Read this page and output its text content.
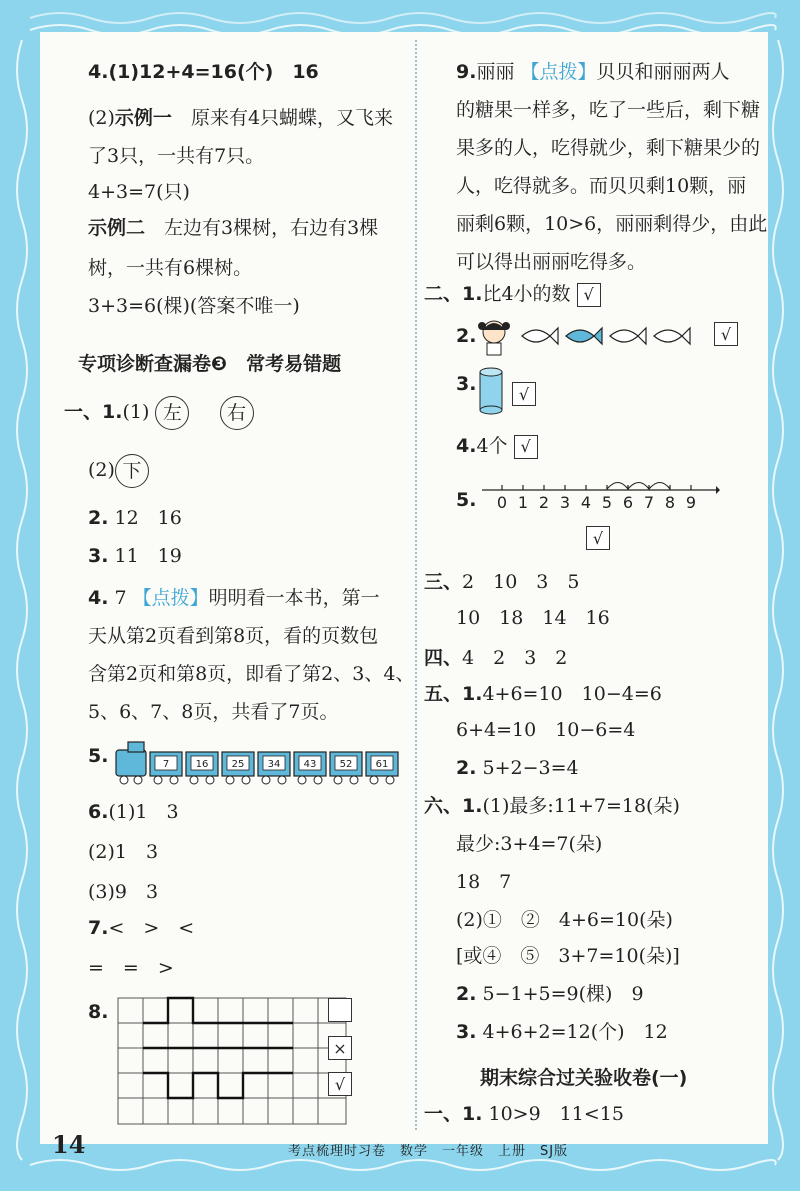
4.(1)12+4=16(个)　16
(2)示例一　原来有4只蝴蝶，又飞来
了3只，一共有7只。
4+3=7(只)
示例二　左边有3棵树，右边有3棵
树，一共有6棵树。
3+3=6(棵)(答案不唯一)
专项诊断查漏卷❸　常考易错题
一、1.(1) 左 右
(2) 下
2. 12　16
3. 11　19
4. 7 【点拨】明明看一本书，第一
天从第2页看到第8页，看的页数包
含第2页和第8页，即看了第2、3、4、
5、6、7、8页，共看了7页。
5.	7	16 25 34 43 52 61
6.(1)1　3
(2)1　3
(3)9　3
7.<　>　<
=　=　>
8.
×
√
9.丽丽 【点拨】贝贝和丽丽两人
的糖果一样多，吃了一些后，剩下糖
果多的人，吃得就少，剩下糖果少的
人，吃得就多。而贝贝剩10颗，丽
丽剩6颗，10>6，丽丽剩得少，由此
可以得出丽丽吃得多。
二、1.比4小的数 √
2.	√
3.	√
4.4个 √
5. 0 1 2 3 4 5 6 7 8 9
√
三、2　10　3　5
10　18　14　16
四、4　2　3　2
五、1.4+6=10　10−4=6
6+4=10　10−6=4
2. 5+2−3=4
六、1.(1)最多:11+7=18(朵)
最少:3+4=7(朵)
18　7
(2)①　②　4+6=10(朵)
[或④　⑤　3+7=10(朵)]
2. 5−1+5=9(棵)　9
3. 4+6+2=12(个)　12
期末综合过关验收卷(一)
一、1. 10>9　11<15
14	考点梳理时习卷　数学　一年级　上册　SJ版
